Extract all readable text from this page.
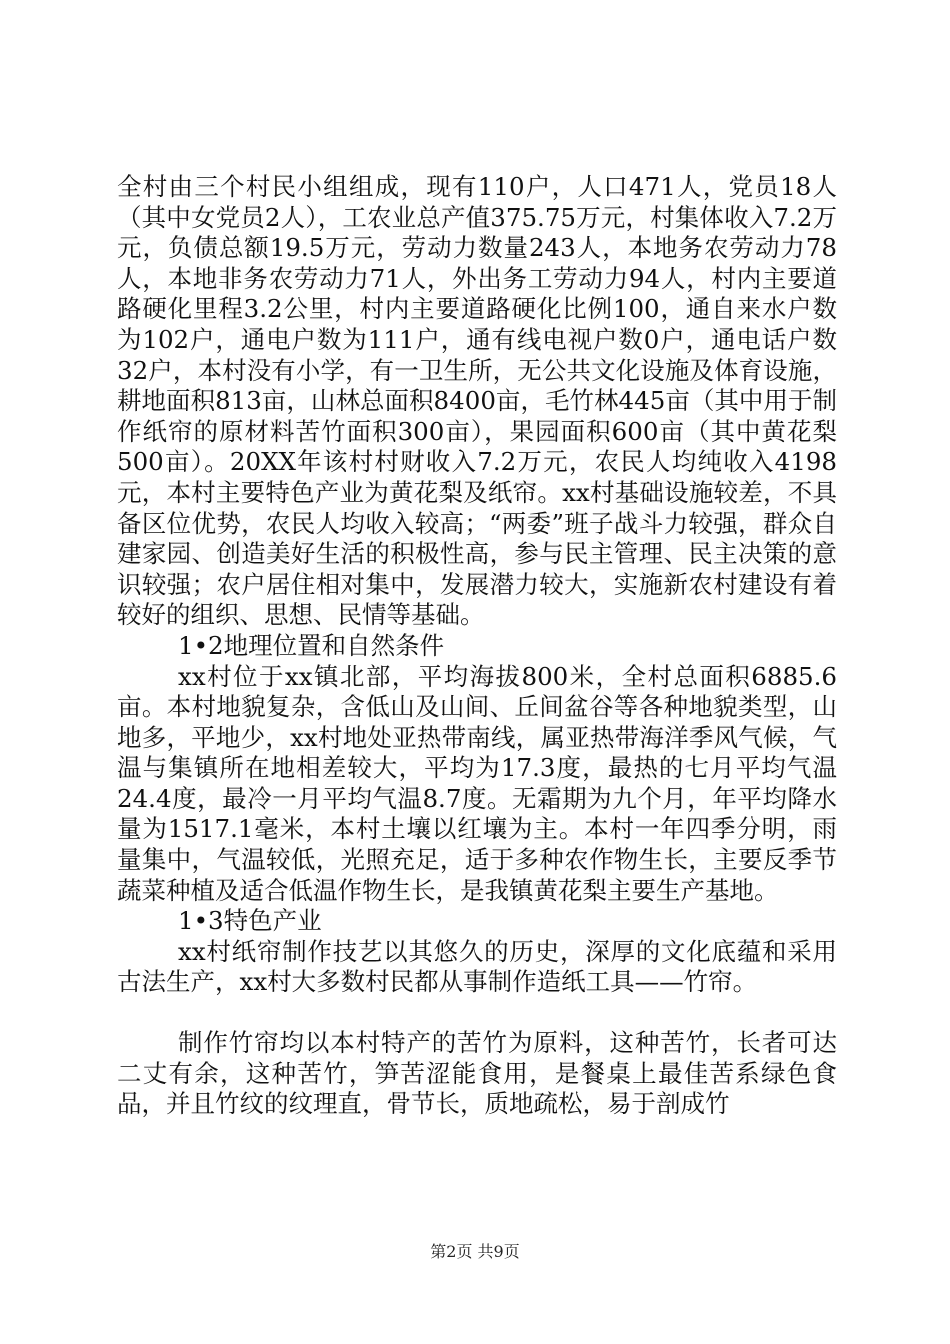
全村由三个村民小组组成，现有110户，人口471人，党员18人（其中女党员2人），工农业总产值375.75万元，村集体收入7.2万元，负债总额19.5万元，劳动力数量243人，本地务农劳动力78人，本地非务农劳动力71人，外出务工劳动力94人，村内主要道路硬化里程3.2公里，村内主要道路硬化比例100，通自来水户数为102户，通电户数为111户，通有线电视户数0户，通电话户数32户，本村没有小学，有一卫生所，无公共文化设施及体育设施，耕地面积813亩，山林总面积8400亩，毛竹林445亩（其中用于制作纸帘的原材料苦竹面积300亩），果园面积600亩（其中黄花梨500亩）。20XX年该村村财收入7.2万元，农民人均纯收入4198元，本村主要特色产业为黄花梨及纸帘。xx村基础设施较差，不具备区位优势，农民人均收入较高；“两委”班子战斗力较强，群众自建家园、创造美好生活的积极性高，参与民主管理、民主决策的意识较强；农户居住相对集中，发展潜力较大，实施新农村建设有着较好的组织、思想、民情等基础。

1•2地理位置和自然条件

xx村位于xx镇北部，平均海拔800米，全村总面积6885.6亩。本村地貌复杂，含低山及山间、丘间盆谷等各种地貌类型，山地多，平地少，xx村地处亚热带南线，属亚热带海洋季风气候，气温与集镇所在地相差较大，平均为17.3度，最热的七月平均气温24.4度，最冷一月平均气温8.7度。无霜期为九个月，年平均降水量为1517.1毫米，本村土壤以红壤为主。本村一年四季分明，雨量集中，气温较低，光照充足，适于多种农作物生长，主要反季节蔬菜种植及适合低温作物生长，是我镇黄花梨主要生产基地。

1•3特色产业

xx村纸帘制作技艺以其悠久的历史，深厚的文化底蕴和采用古法生产，xx村大多数村民都从事制作造纸工具——竹帘。

制作竹帘均以本村特产的苦竹为原料，这种苦竹，长者可达二丈有余，这种苦竹，笋苦涩能食用，是餐桌上最佳苦系绿色食品，并且竹纹的纹理直，骨节长，质地疏松，易于剖成竹

第2页 共9页
